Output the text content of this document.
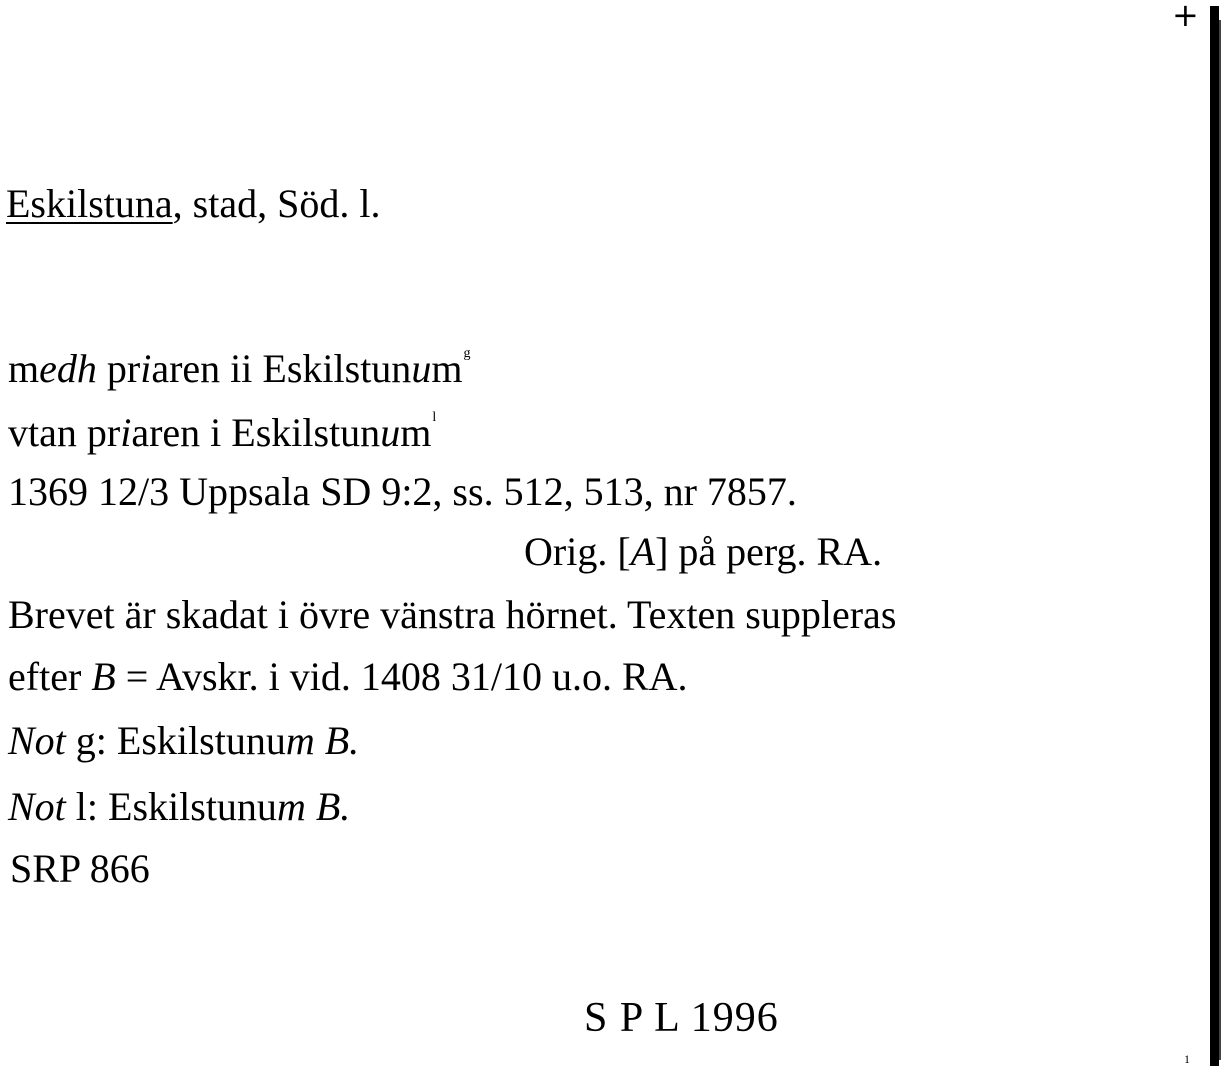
+
1
Eskilstuna, stad, Söd. l.
medh priaren ii Eskilstunum$^g$
vtan priaren i Eskilstunum$^l$
1369 12/3 Uppsala SD 9:2, ss. 512, 513, nr 7857.
Orig. [A] på perg. RA.
Brevet är skadat i övre vänstra hörnet. Texten suppleras
efter B = Avskr. i vid. 1408 31/10 u.o. RA.
Not g: Eskilstunum B.
Not l: Eskilstunum B.
SRP 866
S P L 1996
